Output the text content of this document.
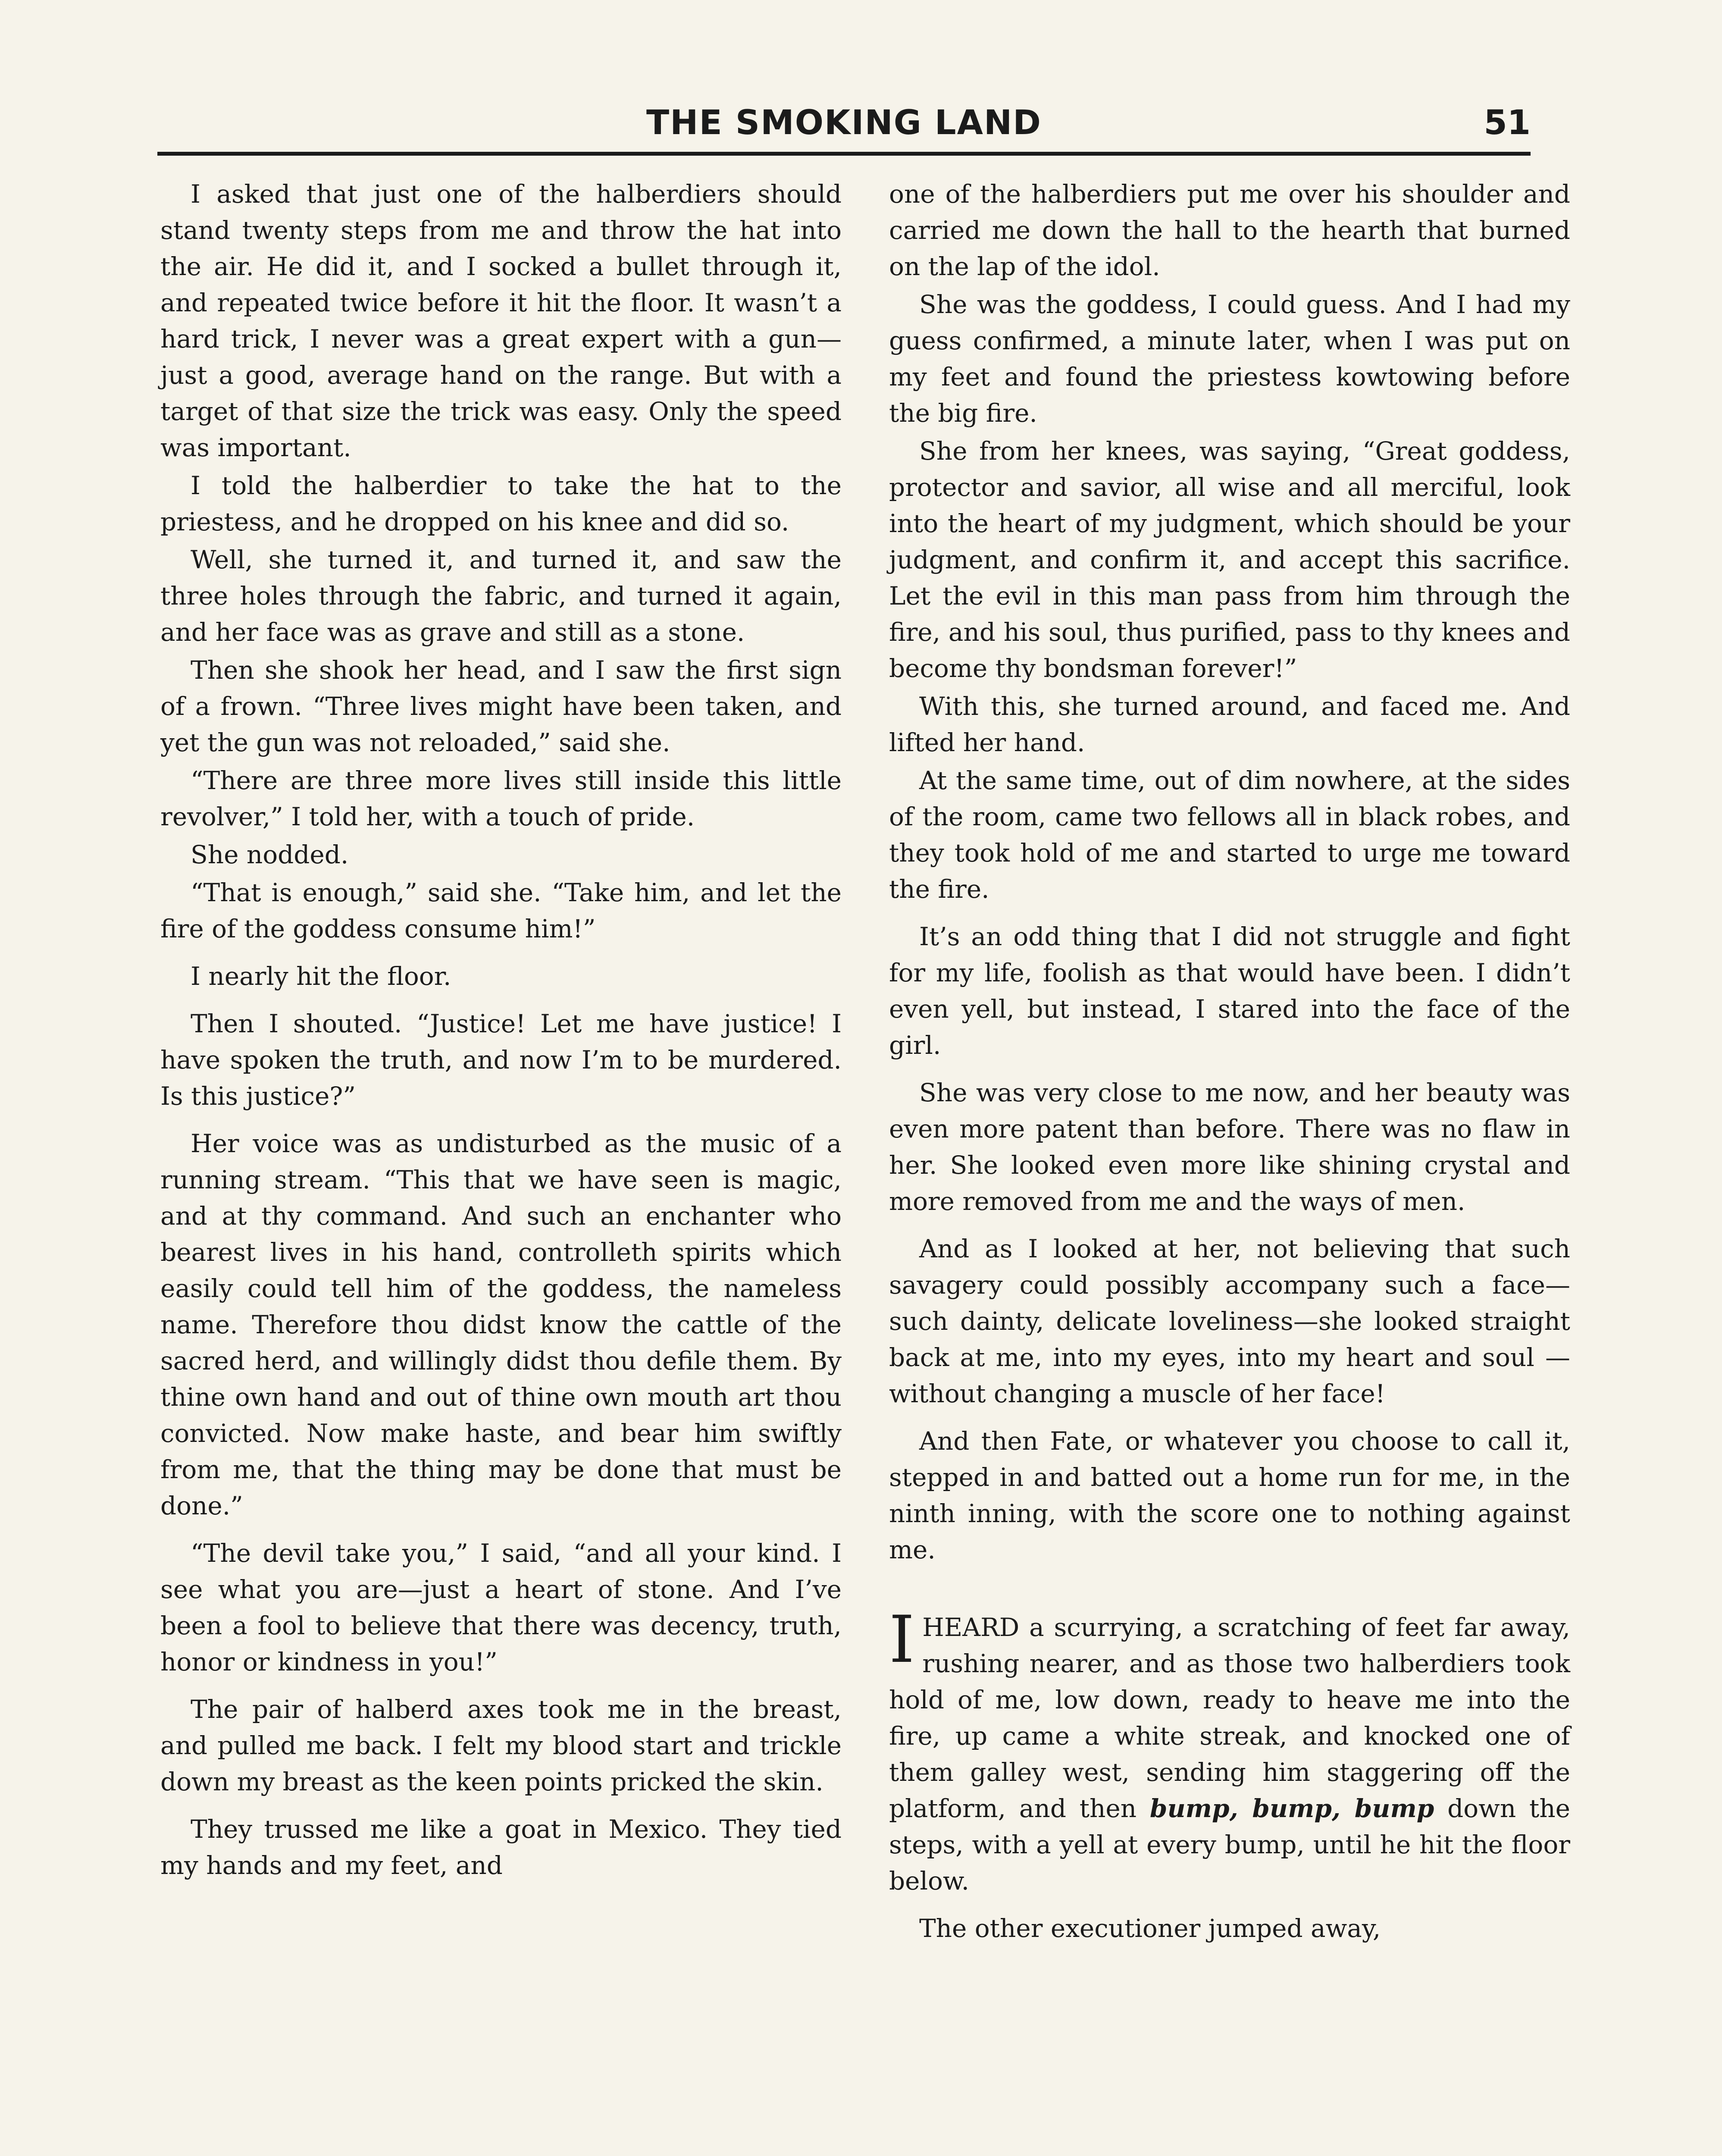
THE SMOKING LAND	51

I asked that just one of the halberdiers should stand twenty steps from me and throw the hat into the air. He did it, and I socked a bullet through it, and repeated twice before it hit the floor. It wasn’t a hard trick, I never was a great expert with a gun—just a good, average hand on the range. But with a target of that size the trick was easy. Only the speed was important.

I told the halberdier to take the hat to the priestess, and he dropped on his knee and did so.

Well, she turned it, and turned it, and saw the three holes through the fabric, and turned it again, and her face was as grave and still as a stone.

Then she shook her head, and I saw the first sign of a frown. “Three lives might have been taken, and yet the gun was not reloaded,” said she.

“There are three more lives still inside this little revolver,” I told her, with a touch of pride.

She nodded.

“That is enough,” said she. “Take him, and let the fire of the goddess consume him!”

I nearly hit the floor.

Then I shouted. “Justice! Let me have justice! I have spoken the truth, and now I’m to be murdered. Is this justice?”

Her voice was as undisturbed as the music of a running stream. “This that we have seen is magic, and at thy command. And such an enchanter who bearest lives in his hand, controlleth spirits which easily could tell him of the goddess, the nameless name. Therefore thou didst know the cattle of the sacred herd, and willingly didst thou defile them. By thine own hand and out of thine own mouth art thou convicted. Now make haste, and bear him swiftly from me, that the thing may be done that must be done.”

“The devil take you,” I said, “and all your kind. I see what you are—just a heart of stone. And I’ve been a fool to believe that there was decency, truth, honor or kindness in you!”

The pair of halberd axes took me in the breast, and pulled me back. I felt my blood start and trickle down my breast as the keen points pricked the skin.

They trussed me like a goat in Mexico. They tied my hands and my feet, and

one of the halberdiers put me over his shoulder and carried me down the hall to the hearth that burned on the lap of the idol.

She was the goddess, I could guess. And I had my guess confirmed, a minute later, when I was put on my feet and found the priestess kowtowing before the big fire.

She from her knees, was saying, “Great goddess, protector and savior, all wise and all merciful, look into the heart of my judgment, which should be your judgment, and confirm it, and accept this sacrifice. Let the evil in this man pass from him through the fire, and his soul, thus purified, pass to thy knees and become thy bondsman forever!”

With this, she turned around, and faced me. And lifted her hand.

At the same time, out of dim nowhere, at the sides of the room, came two fellows all in black robes, and they took hold of me and started to urge me toward the fire.

It’s an odd thing that I did not struggle and fight for my life, foolish as that would have been. I didn’t even yell, but instead, I stared into the face of the girl.

She was very close to me now, and her beauty was even more patent than before. There was no flaw in her. She looked even more like shining crystal and more removed from me and the ways of men.

And as I looked at her, not believing that such savagery could possibly accompany such a face—such dainty, delicate loveliness—she looked straight back at me, into my eyes, into my heart and soul —without changing a muscle of her face!

And then Fate, or whatever you choose to call it, stepped in and batted out a home run for me, in the ninth inning, with the score one to nothing against me.

IHEARD a scurrying, a scratching of feet far away, rushing nearer, and as those two halberdiers took hold of me, low down, ready to heave me into the fire, up came a white streak, and knocked one of them galley west, sending him staggering off the platform, and then bump, bump, bump down the steps, with a yell at every bump, until he hit the floor below.

The other executioner jumped away,
